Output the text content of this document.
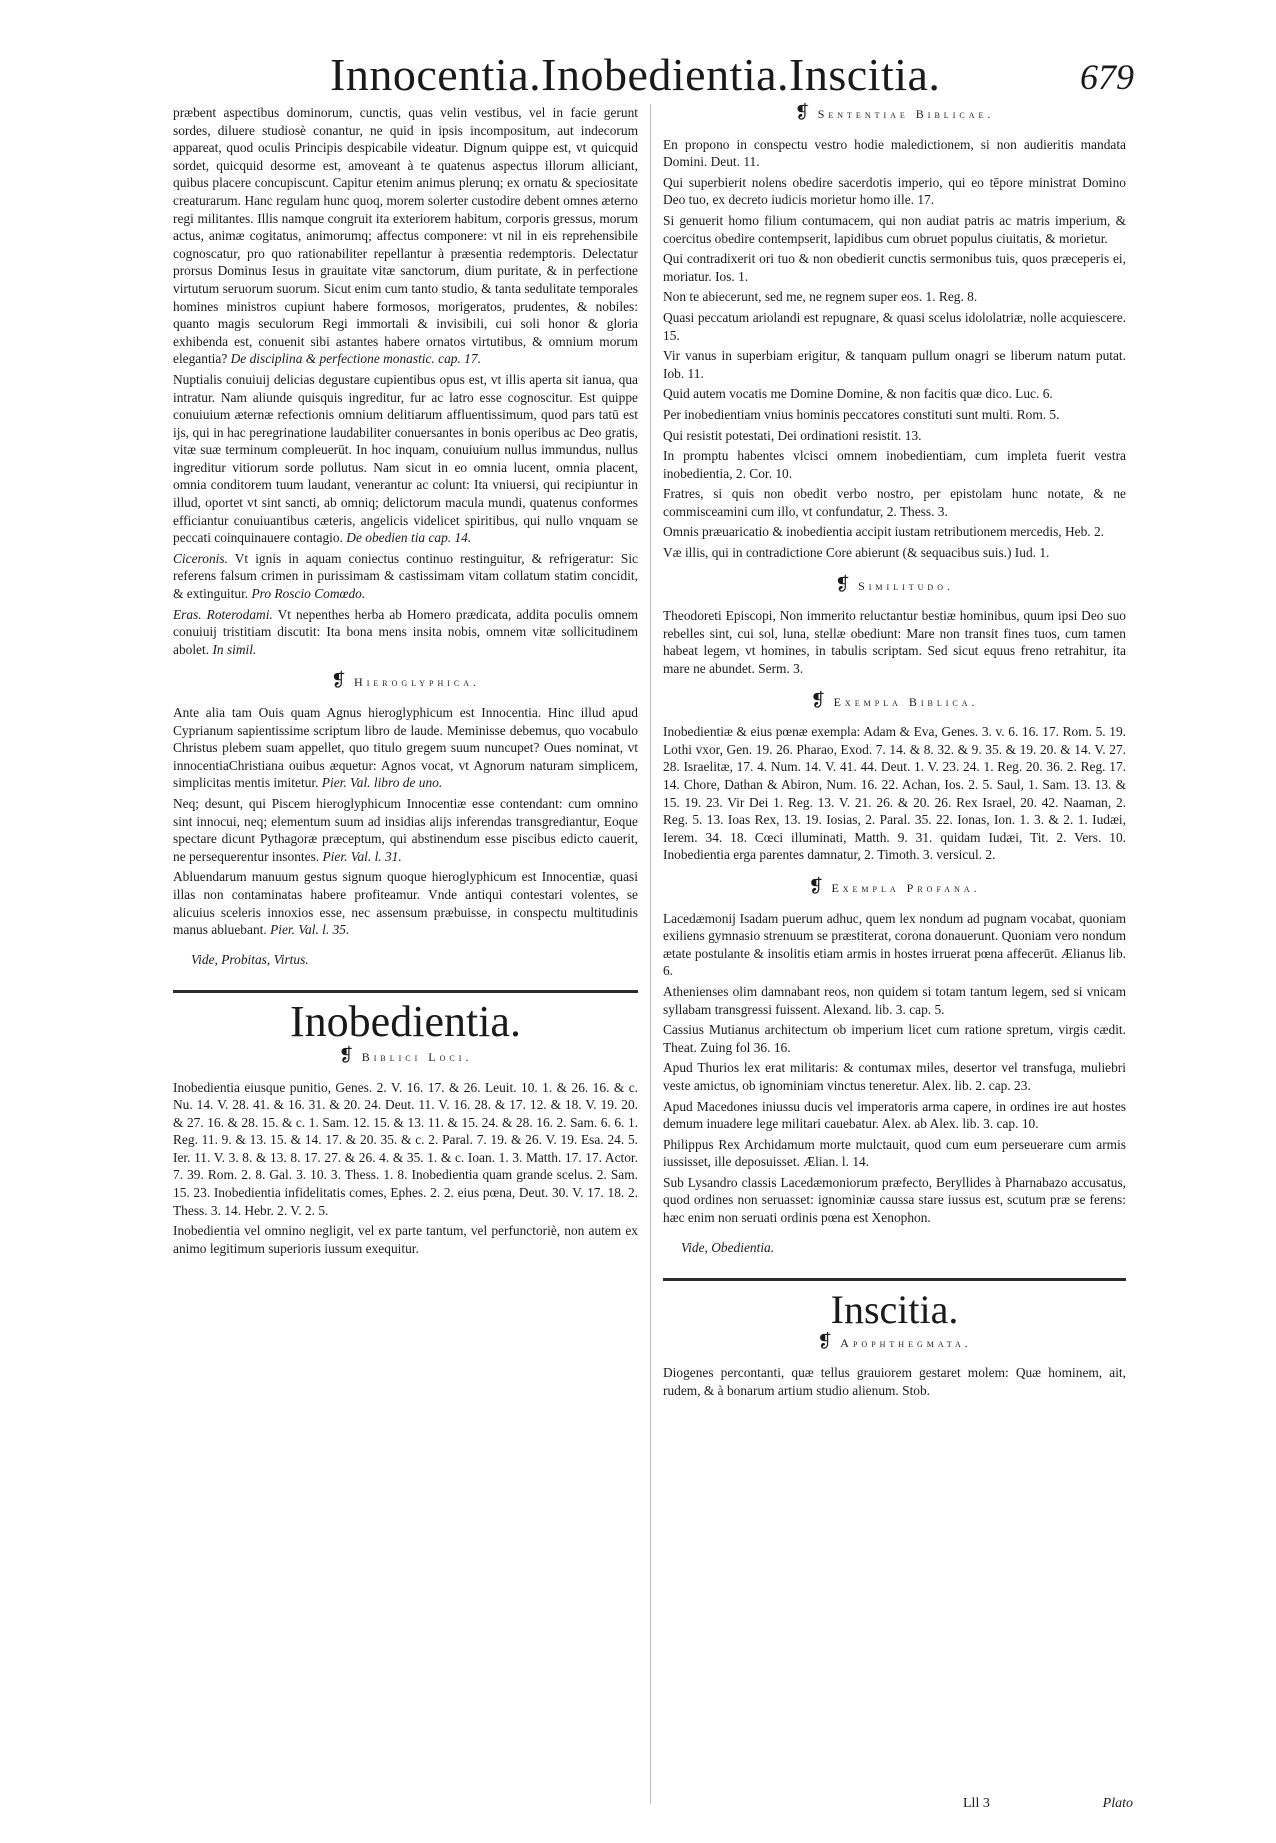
Innocentia.Inobedientia.Inscitia.	679

præbent aspectibus dominorum, cunctis, quas velin vestibus, vel in facie gerunt sordes, diluere studiosè conantur, ne quid in ipsis incompositum, aut indecorum appareat, quod oculis Principis despicabile videatur. Dignum quippe est, vt quicquid sordet, quicquid desorme est, amoveant à te quatenus aspectus illorum alliciant, quibus placere concupiscunt. Capitur etenim animus plerunq; ex ornatu & speciositate creaturarum. Hanc regulam hunc quoq, morem solerter custodire debent omnes æterno regi militantes. Illis namque congruit ita exteriorem habitum, corporis gressus, morum actus, animæ cogitatus, animorumq; affectus componere: vt nil in eis reprehensibile cognoscatur, pro quo rationabiliter repellantur à præsentia redemptoris. Delectatur prorsus Dominus Iesus in grauitate vitæ sanctorum, dium puritate, & in perfectione virtutum seruorum suorum. Sicut enim cum tanto studio, & tanta sedulitate temporales homines ministros cupiunt habere formosos, morigeratos, prudentes, & nobiles: quanto magis seculorum Regi immortali & invisibili, cui soli honor & gloria exhibenda est, conuenit sibi astantes habere ornatos virtutibus, & omnium morum elegantia? De disciplina & perfectione monastic. cap. 17.

Nuptialis conuiuij delicias degustare cupientibus opus est, vt illis aperta sit ianua, qua intratur. Nam aliunde quisquis ingreditur, fur ac latro esse cognoscitur. Est quippe conuiuium æternæ refectionis omnium delitiarum affluentissimum, quod pars tatū est ijs, qui in hac peregrinatione laudabiliter conuersantes in bonis operibus ac Deo gratis, vitæ suæ terminum compleuerūt. In hoc inquam, conuiuium nullus immundus, nullus ingreditur vitiorum sorde pollutus. Nam sicut in eo omnia lucent, omnia placent, omnia conditorem tuum laudant, venerantur ac colunt: Ita vniuersi, qui recipiuntur in illud, oportet vt sint sancti, ab omniq; delictorum macula mundi, quatenus conformes efficiantur conuiuantibus cæteris, angelicis videlicet spiritibus, qui nullo vnquam se peccati coinquinauere contagio. De obedien tia cap. 14.

Ciceronis. Vt ignis in aquam coniectus continuo restinguitur, & refrigeratur: Sic referens falsum crimen in purissimam & castissimam vitam collatum statim concidit, & extinguitur. Pro Roscio Comœdo.

Eras. Roterodami. Vt nepenthes herba ab Homero prædicata, addita poculis omnem conuiuij tristitiam discutit: Ita bona mens insita nobis, omnem vitæ sollicitudinem abolet. In simil.

❡ Hieroglyphica.

Ante alia tam Ouis quam Agnus hieroglyphicum est Innocentia. Hinc illud apud Cyprianum sapientissime scriptum libro de laude. Meminisse debemus, quo vocabulo Christus plebem suam appellet, quo titulo gregem suum nuncupet? Oues nominat, vt innocentiaChristiana ouibus æquetur: Agnos vocat, vt Agnorum naturam simplicem, simplicitas mentis imitetur. Pier. Val. libro de uno.

Neq; desunt, qui Piscem hieroglyphicum Innocentiæ esse contendant: cum omnino sint innocui, neq; elementum suum ad insidias alijs inferendas transgrediantur, Eoque spectare dicunt Pythagoræ præceptum, qui abstinendum esse piscibus edicto cauerit, ne persequerentur insontes. Pier. Val. l. 31.

Abluendarum manuum gestus signum quoque hieroglyphicum est Innocentiæ, quasi illas non contaminatas habere profiteamur. Vnde antiqui contestari volentes, se alicuius sceleris innoxios esse, nec assensum præbuisse, in conspectu multitudinis manus abluebant. Pier. Val. l. 35.

Vide, Probitas, Virtus.

Inobedientia.
❡ Biblici Loci.

Inobedientia eiusque punitio, Genes. 2. V. 16. 17. & 26. Leuit. 10. 1. & 26. 16. & c. Nu. 14. V. 28. 41. & 16. 31. & 20. 24. Deut. 11. V. 16. 28. & 17. 12. & 18. V. 19. 20. & 27. 16. & 28. 15. & c. 1. Sam. 12. 15. & 13. 11. & 15. 24. & 28. 16. 2. Sam. 6. 6. 1. Reg. 11. 9. & 13. 15. & 14. 17. & 20. 35. & c. 2. Paral. 7. 19. & 26. V. 19. Esa. 24. 5. Ier. 11. V. 3. 8. & 13. 8. 17. 27. & 26. 4. & 35. 1. & c. Ioan. 1. 3. Matth. 17. 17. Actor. 7. 39. Rom. 2. 8. Gal. 3. 10. 3. Thess. 1. 8. Inobedientia quam grande scelus. 2. Sam. 15. 23. Inobedientia infidelitatis comes, Ephes. 2. 2. eius pœna, Deut. 30. V. 17. 18. 2. Thess. 3. 14. Hebr. 2. V. 2. 5.

Inobedientia vel omnino negligit, vel ex parte tantum, vel perfunctoriè, non autem ex animo legitimum superioris iussum exequitur.

❡ Sententiae Biblicae.

En propono in conspectu vestro hodie maledictionem, si non audieritis mandata Domini. Deut. 11.

Qui superbierit nolens obedire sacerdotis imperio, qui eo tēpore ministrat Domino Deo tuo, ex decreto iudicis morietur homo ille. 17.

Si genuerit homo filium contumacem, qui non audiat patris ac matris imperium, & coercitus obedire contempserit, lapidibus cum obruet populus ciuitatis, & morietur.

Qui contradixerit ori tuo & non obedierit cunctis sermonibus tuis, quos præceperis ei, moriatur. Ios. 1.

Non te abiecerunt, sed me, ne regnem super eos. 1. Reg. 8.

Quasi peccatum ariolandi est repugnare, & quasi scelus idololatriæ, nolle acquiescere. 15.

Vir vanus in superbiam erigitur, & tanquam pullum onagri se liberum natum putat. Iob. 11.

Quid autem vocatis me Domine Domine, & non facitis quæ dico. Luc. 6.

Per inobedientiam vnius hominis peccatores constituti sunt multi. Rom. 5.

Qui resistit potestati, Dei ordinationi resistit. 13.

In promptu habentes vlcisci omnem inobedientiam, cum impleta fuerit vestra inobedientia, 2. Cor. 10.

Fratres, si quis non obedit verbo nostro, per epistolam hunc notate, & ne commisceamini cum illo, vt confundatur, 2. Thess. 3.

Omnis præuaricatio & inobedientia accipit iustam retributionem mercedis, Heb. 2.

Væ illis, qui in contradictione Core abierunt (& sequacibus suis.) Iud. 1.

❡ Similitudo.

Theodoreti Episcopi, Non immerito reluctantur bestiæ hominibus, quum ipsi Deo suo rebelles sint, cui sol, luna, stellæ obediunt: Mare non transit fines tuos, cum tamen habeat legem, vt homines, in tabulis scriptam. Sed sicut equus freno retrahitur, ita mare ne abundet. Serm. 3.

❡ Exempla Biblica.

Inobedientiæ & eius pœnæ exempla: Adam & Eva, Genes. 3. v. 6. 16. 17. Rom. 5. 19. Lothi vxor, Gen. 19. 26. Pharao, Exod. 7. 14. & 8. 32. & 9. 35. & 19. 20. & 14. V. 27. 28. Israelitæ, 17. 4. Num. 14. V. 41. 44. Deut. 1. V. 23. 24. 1. Reg. 20. 36. 2. Reg. 17. 14. Chore, Dathan & Abiron, Num. 16. 22. Achan, Ios. 2. 5. Saul, 1. Sam. 13. 13. & 15. 19. 23. Vir Dei 1. Reg. 13. V. 21. 26. & 20. 26. Rex Israel, 20. 42. Naaman, 2. Reg. 5. 13. Ioas Rex, 13. 19. Iosias, 2. Paral. 35. 22. Ionas, Ion. 1. 3. & 2. 1. Iudæi, Ierem. 34. 18. Cœci illuminati, Matth. 9. 31. quidam Iudæi, Tit. 2. Vers. 10. Inobedientia erga parentes damnatur, 2. Timoth. 3. versicul. 2.

❡ Exempla Profana.

Lacedæmonij Isadam puerum adhuc, quem lex nondum ad pugnam vocabat, quoniam exiliens gymnasio strenuum se præstiterat, corona donauerunt. Quoniam vero nondum ætate postulante & insolitis etiam armis in hostes irruerat pœna affecerūt. Ælianus lib. 6.

Athenienses olim damnabant reos, non quidem si totam tantum legem, sed si vnicam syllabam transgressi fuissent. Alexand. lib. 3. cap. 5.

Cassius Mutianus architectum ob imperium licet cum ratione spretum, virgis cædit. Theat. Zuing fol 36. 16.

Apud Thurios lex erat militaris: & contumax miles, desertor vel transfuga, muliebri veste amictus, ob ignominiam vinctus teneretur. Alex. lib. 2. cap. 23.

Apud Macedones iniussu ducis vel imperatoris arma capere, in ordines ire aut hostes demum inuadere lege militari cauebatur. Alex. ab Alex. lib. 3. cap. 10.

Philippus Rex Archidamum morte mulctauit, quod cum eum perseuerare cum armis iussisset, ille deposuisset. Ælian. l. 14.

Sub Lysandro classis Lacedæmoniorum præfecto, Beryllides à Pharnabazo accusatus, quod ordines non seruasset: ignominiæ caussa stare iussus est, scutum præ se ferens: hæc enim non seruati ordinis pœna est Xenophon.

Vide, Obedientia.

Inscitia.
❡ Apophthegmata.

Diogenes percontanti, quæ tellus grauiorem gestaret molem: Quæ hominem, ait, rudem, & à bonarum artium studio alienum. Stob.

Lll 3	Plato
